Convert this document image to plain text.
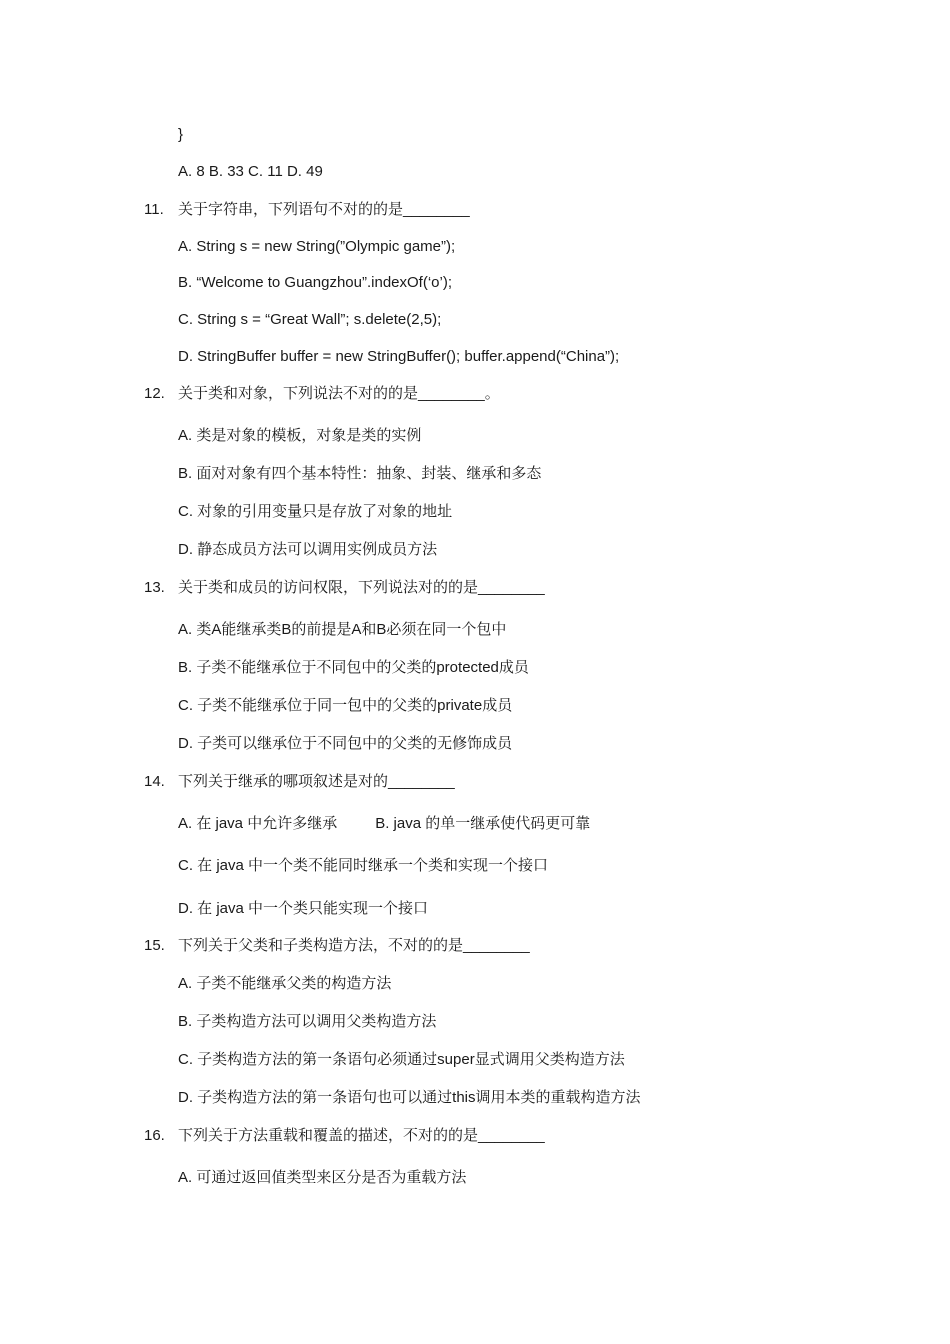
}
A. 8 B. 33 C. 11 D. 49
11. 关于字符串，下列语句不对的的是________
A. String s = new String(”Olympic game”);
B. “Welcome to Guangzhou”.indexOf(‘o’);
C. String s = “Great Wall”; s.delete(2,5);
D. StringBuffer buffer = new StringBuffer(); buffer.append(“China”);
12. 关于类和对象，下列说法不对的的是________。
A. 类是对象的模板，对象是类的实例
B. 面对对象有四个基本特性：抽象、封装、继承和多态
C. 对象的引用变量只是存放了对象的地址
D. 静态成员方法可以调用实例成员方法
13. 关于类和成员的访问权限，下列说法对的的是________
A. 类A能继承类B的前提是A和B必须在同一个包中
B. 子类不能继承位于不同包中的父类的protected成员
C. 子类不能继承位于同一包中的父类的private成员
D. 子类可以继承位于不同包中的父类的无修饰成员
14. 下列关于继承的哪项叙述是对的________
A. 在 java 中允许多继承	B. java 的单一继承使代码更可靠
C. 在 java 中一个类不能同时继承一个类和实现一个接口
D. 在 java 中一个类只能实现一个接口
15. 下列关于父类和子类构造方法，不对的的是________
A. 子类不能继承父类的构造方法
B. 子类构造方法可以调用父类构造方法
C. 子类构造方法的第一条语句必须通过super显式调用父类构造方法
D. 子类构造方法的第一条语句也可以通过this调用本类的重载构造方法
16. 下列关于方法重载和覆盖的描述，不对的的是________
A. 可通过返回值类型来区分是否为重载方法
